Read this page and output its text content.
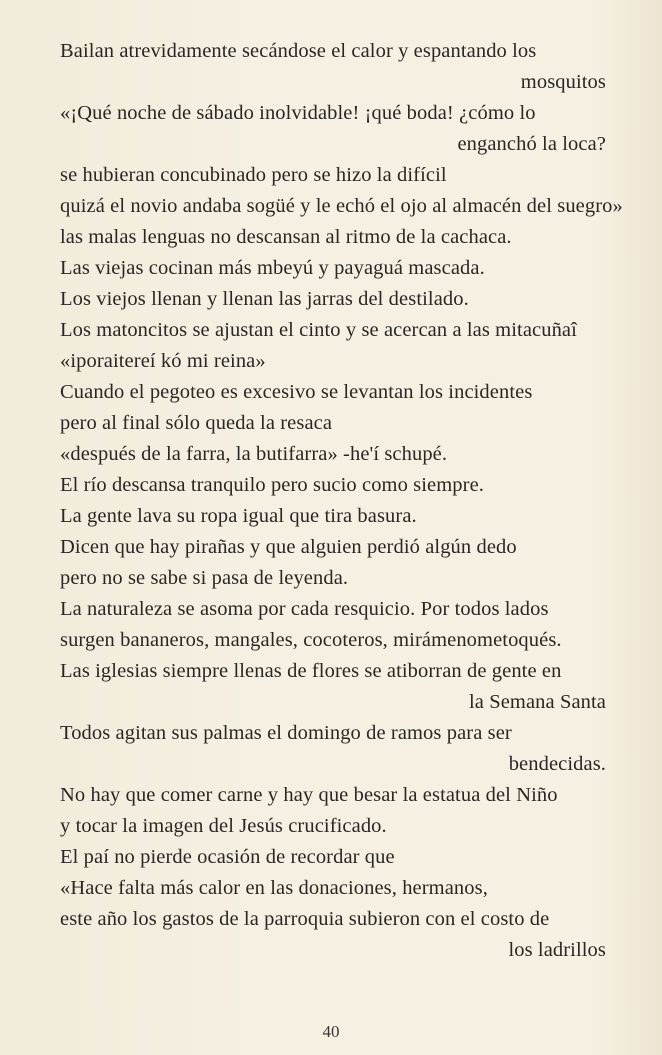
Bailan atrevidamente secándose el calor y espantando los
mosquitos
«¡Qué noche de sábado inolvidable! ¡qué boda! ¿cómo lo
enganchó la loca?
se hubieran concubinado pero se hizo la difícil
quizá el novio andaba sogüé y le echó el ojo al almacén del suegro»
las malas lenguas no descansan al ritmo de la cachaca.
Las viejas cocinan más mbeyú y payaguá mascada.
Los viejos llenan y llenan las jarras del destilado.
Los matoncitos se ajustan el cinto y se acercan a las mitacuñaî
«iporaitereí kó mi reina»
Cuando el pegoteo es excesivo se levantan los incidentes
pero al final sólo queda la resaca
«después de la farra, la butifarra» -he'í schupé.
El río descansa tranquilo pero sucio como siempre.
La gente lava su ropa igual que tira basura.
Dicen que hay pirañas y que alguien perdió algún dedo
pero no se sabe si pasa de leyenda.
La naturaleza se asoma por cada resquicio. Por todos lados
surgen bananeros, mangales, cocoteros, mirámenometoqués.
Las iglesias siempre llenas de flores se atiborran de gente en
la Semana Santa
Todos agitan sus palmas el domingo de ramos para ser
bendecidas.
No hay que comer carne y hay que besar la estatua del Niño
y tocar la imagen del Jesús crucificado.
El paí no pierde ocasión de recordar que
«Hace falta más calor en las donaciones, hermanos,
este año los gastos de la parroquia subieron con el costo de
los ladrillos
40
